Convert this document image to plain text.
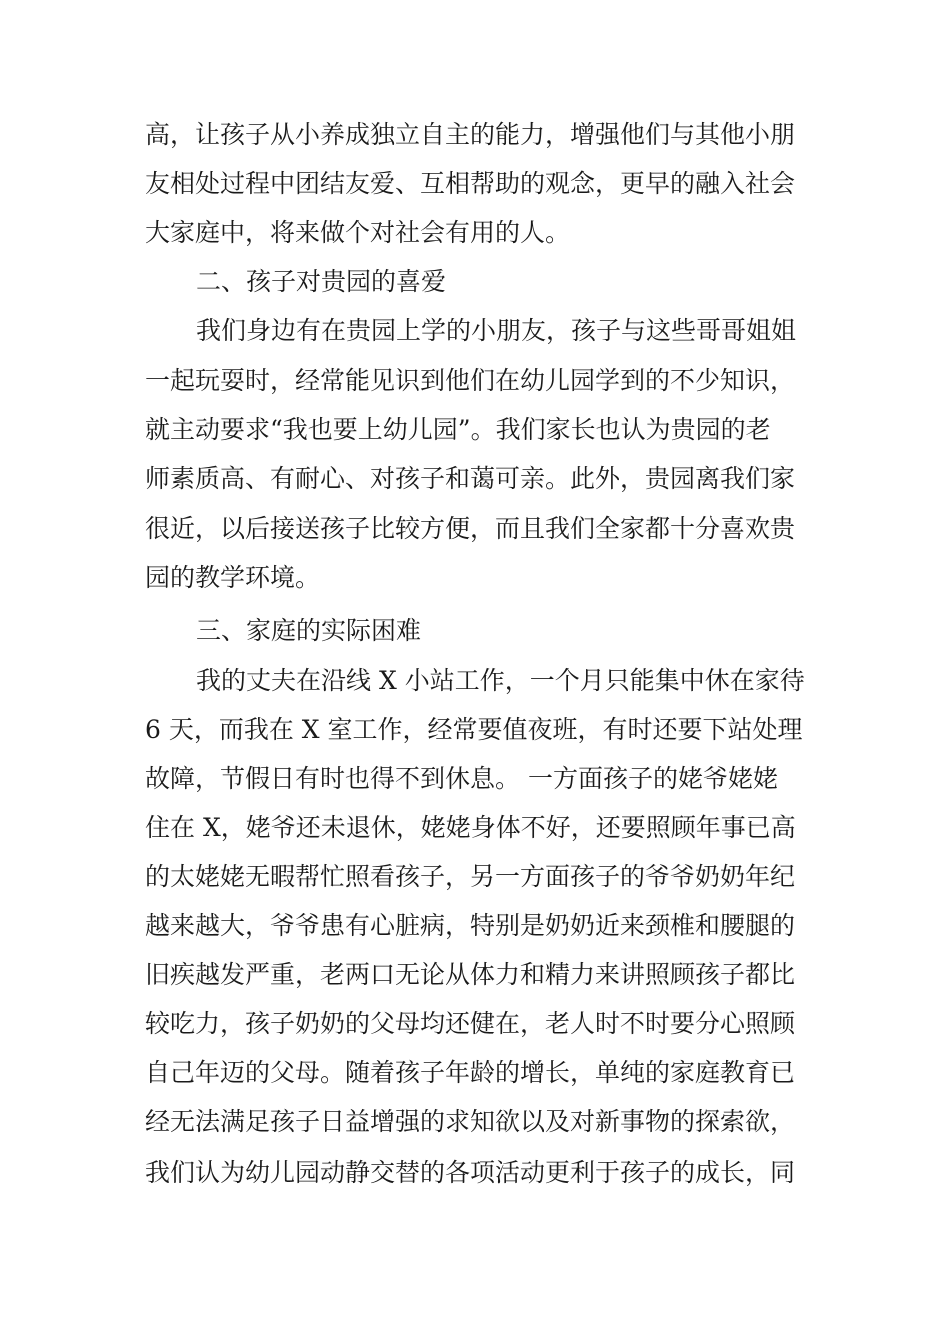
高，让孩子从小养成独立自主的能力，增强他们与其他小朋
友相处过程中团结友爱、互相帮助的观念，更早的融入社会
大家庭中，将来做个对社会有用的人。
二、孩子对贵园的喜爱
我们身边有在贵园上学的小朋友，孩子与这些哥哥姐姐
一起玩耍时，经常能见识到他们在幼儿园学到的不少知识，
就主动要求“我也要上幼儿园”。我们家长也认为贵园的老
师素质高、有耐心、对孩子和蔼可亲。此外，贵园离我们家
很近，以后接送孩子比较方便，而且我们全家都十分喜欢贵
园的教学环境。
三、家庭的实际困难
我的丈夫在沿线 X 小站工作，一个月只能集中休在家待
6 天，而我在 X 室工作，经常要值夜班，有时还要下站处理
故障，节假日有时也得不到休息。 一方面孩子的姥爷姥姥
住在 X，姥爷还未退休，姥姥身体不好，还要照顾年事已高
的太姥姥无暇帮忙照看孩子，另一方面孩子的爷爷奶奶年纪
越来越大，爷爷患有心脏病，特别是奶奶近来颈椎和腰腿的
旧疾越发严重，老两口无论从体力和精力来讲照顾孩子都比
较吃力，孩子奶奶的父母均还健在，老人时不时要分心照顾
自己年迈的父母。随着孩子年龄的增长，单纯的家庭教育已
经无法满足孩子日益增强的求知欲以及对新事物的探索欲，
我们认为幼儿园动静交替的各项活动更利于孩子的成长，同
